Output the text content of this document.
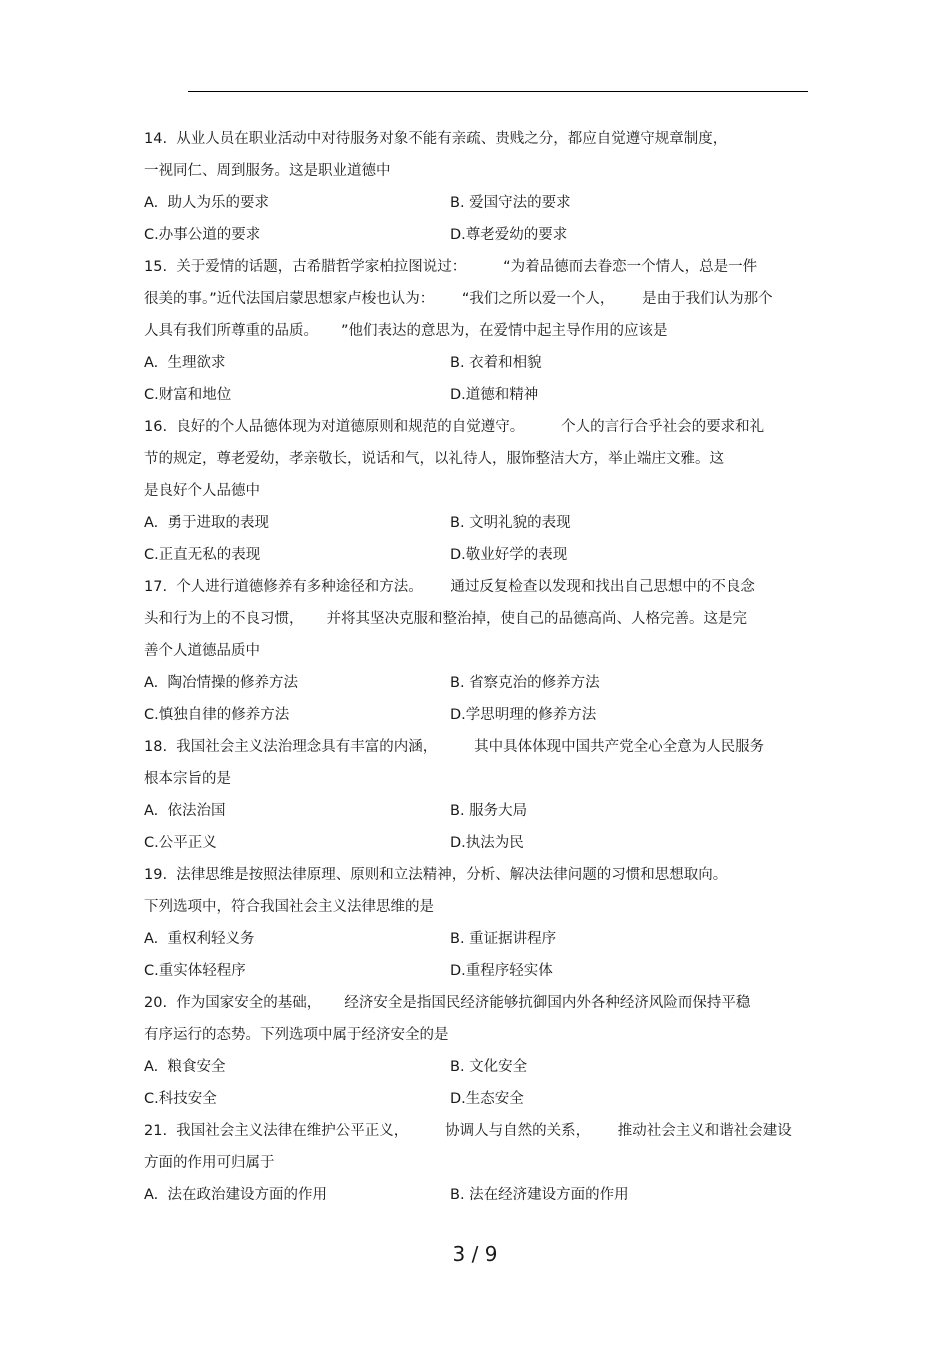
14.  从业人员在职业活动中对待服务对象不能有亲疏、贵贱之分，都应自觉遵守规章制度，
一视同仁、周到服务。这是职业道德中

A.  助人为乐的要求

	B. 爱国守法的要求

C.办事公道的要求

	D.尊老爱幼的要求

15.  关于爱情的话题，古希腊哲学家柏拉图说过：        “为着品德而去眷恋一个情人，总是一件
很美的事。”近代法国启蒙思想家卢梭也认为：      “我们之所以爱一个人，      是由于我们认为那个
人具有我们所尊重的品质。     ”他们表达的意思为，在爱情中起主导作用的应该是

A.  生理欲求

	B. 衣着和相貌

C.财富和地位

	D.道德和精神

16.  良好的个人品德体现为对道德原则和规范的自觉遵守。        个人的言行合乎社会的要求和礼
节的规定，尊老爱幼，孝亲敬长，说话和气，以礼待人，服饰整洁大方，举止端庄文雅。这
是良好个人品德中

A.  勇于进取的表现

	B. 文明礼貌的表现

C.正直无私的表现

	D.敬业好学的表现

17.  个人进行道德修养有多种途径和方法。      通过反复检查以发现和找出自己思想中的不良念
头和行为上的不良习惯，     并将其坚决克服和整治掉，使自己的品德高尚、人格完善。这是完
善个人道德品质中

A.  陶冶情操的修养方法

	B. 省察克治的修养方法

C.慎独自律的修养方法

	D.学思明理的修养方法

18.  我国社会主义法治理念具有丰富的内涵，        其中具体体现中国共产党全心全意为人民服务
根本宗旨的是

A.  依法治国

	B. 服务大局

C.公平正义

	D.执法为民

19.  法律思维是按照法律原理、原则和立法精神，分析、解决法律问题的习惯和思想取向。
下列选项中，符合我国社会主义法律思维的是

A.  重权利轻义务

	B. 重证据讲程序

C.重实体轻程序

	D.重程序轻实体

20.  作为国家安全的基础，     经济安全是指国民经济能够抗御国内外各种经济风险而保持平稳
有序运行的态势。下列选项中属于经济安全的是

A.  粮食安全

	B. 文化安全

C.科技安全

	D.生态安全

21.  我国社会主义法律在维护公平正义，        协调人与自然的关系，      推动社会主义和谐社会建设
方面的作用可归属于

A.  法在政治建设方面的作用

	B. 法在经济建设方面的作用

3 / 9
